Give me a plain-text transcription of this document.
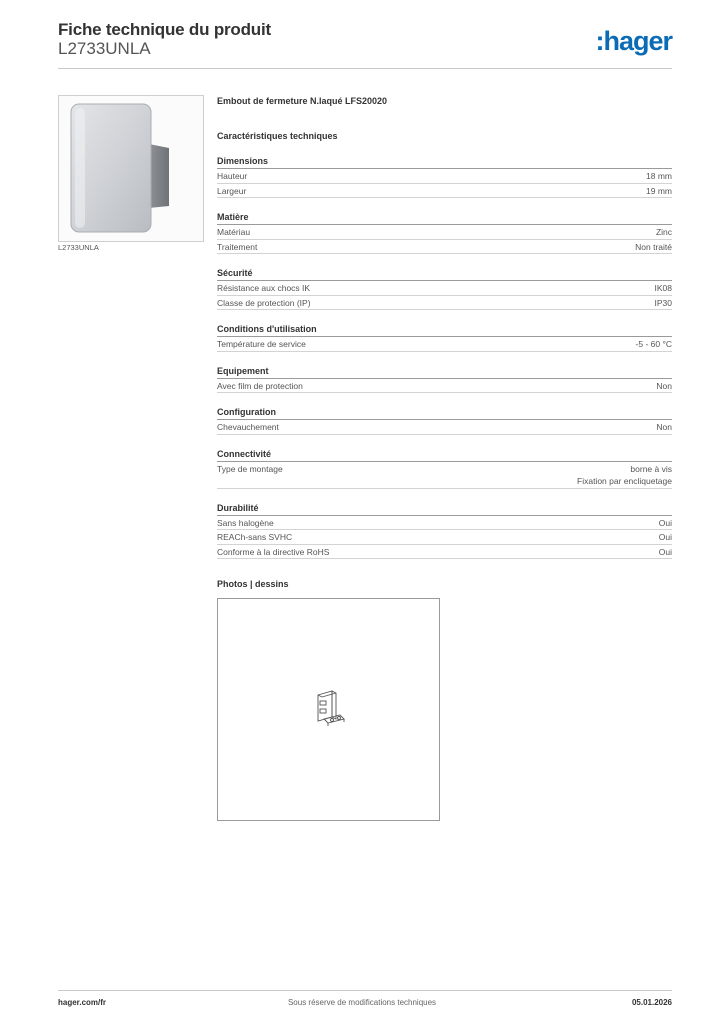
Fiche technique du produit
L2733UNLA	:hager
L2733UNLA
Embout de fermeture N.laqué LFS20020
Caractéristiques techniques
Dimensions
Hauteur	18 mm
Largeur	19 mm
Matière
Matériau	Zinc
Traitement	Non traité
Sécurité
Résistance aux chocs IK	IK08
Classe de protection (IP)	IP30
Conditions d'utilisation
Température de service	-5 - 60 °C
Equipement
Avec film de protection	Non
Configuration
Chevauchement	Non
Connectivité
Type de montage	borne à vis
Fixation par encliquetage
Durabilité
Sans halogène	Oui
REACh-sans SVHC	Oui
Conforme à la directive RoHS	Oui
Photos | dessins
hager.com/fr	Sous réserve de modifications techniques	05.01.2026
